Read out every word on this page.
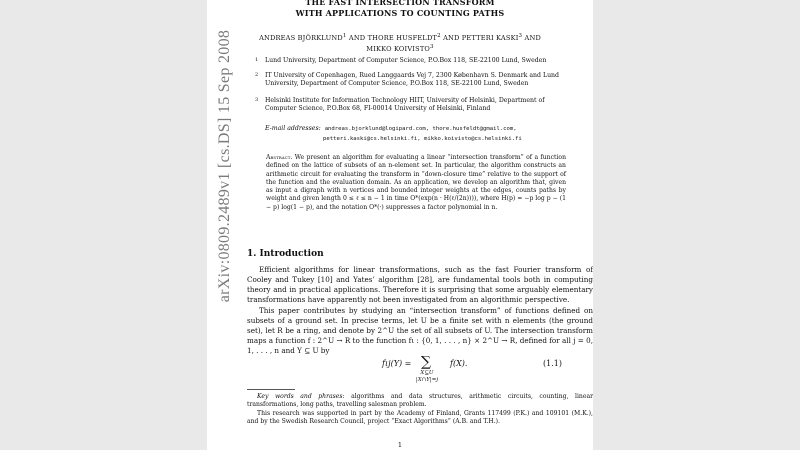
arXiv:0809.2489v1 [cs.DS] 15 Sep 2008
THE FAST INTERSECTION TRANSFORM
WITH APPLICATIONS TO COUNTING PATHS
ANDREAS BJÖRKLUND$^1$ AND THORE HUSFELDT$^2$ AND PETTERI KASKI$^3$ AND
MIKKO KOIVISTO$^3$
1 Lund University, Department of Computer Science, P.O.Box 118, SE-22100 Lund, Sweden
2 IT University of Copenhagen, Rued Langgaards Vej 7, 2300 København S. Denmark and Lund University, Department of Computer Science, P.O.Box 118, SE-22100 Lund, Sweden
3 Helsinki Institute for Information Technology HIIT, University of Helsinki, Department of Computer Science, P.O.Box 68, FI-00014 University of Helsinki, Finland
E-mail addresses: andreas.bjorklund@logipard.com, thore.husfeldt@gmail.com,
petteri.kaski@cs.helsinki.fi, mikko.koivisto@cs.helsinki.fi
Abstract. We present an algorithm for evaluating a linear “intersection transform” of a function defined on the lattice of subsets of an n-element set. In particular, the algorithm constructs an arithmetic circuit for evaluating the transform in “down-closure time” relative to the support of the function and the evaluation domain. As an application, we develop an algorithm that, given as input a digraph with n vertices and bounded integer weights at the edges, counts paths by weight and given length 0 ≤ ℓ ≤ n − 1 in time O*(exp(n · H(ℓ/(2n)))), where H(p) = −p log p − (1 − p) log(1 − p), and the notation O*(·) suppresses a factor polynomial in n.
1. Introduction
Efficient algorithms for linear transformations, such as the fast Fourier transform of Cooley and Tukey [10] and Yates’ algorithm [28], are fundamental tools both in computing theory and in practical applications. Therefore it is surprising that some arguably elementary transformations have apparently not been investigated from an algorithmic perspective.
This paper contributes by studying an “intersection transform” of functions defined on subsets of a ground set. In precise terms, let U be a finite set with n elements (the ground set), let R be a ring, and denote by 2^U the set of all subsets of U. The intersection transform maps a function f : 2^U → R to the function fι : {0, 1, . . . , n} × 2^U → R, defined for all j = 0, 1, . . . , n and Y ⊆ U by
fιj(Y) = ∑
X⊆U
|X∩Y|=j
f(X).	(1.1)
Key words and phrases: algorithms and data structures, arithmetic circuits, counting, linear transformations, long paths, travelling salesman problem.
This research was supported in part by the Academy of Finland, Grants 117499 (P.K.) and 109101 (M.K.), and by the Swedish Research Council, project “Exact Algorithms” (A.B. and T.H.).
1
